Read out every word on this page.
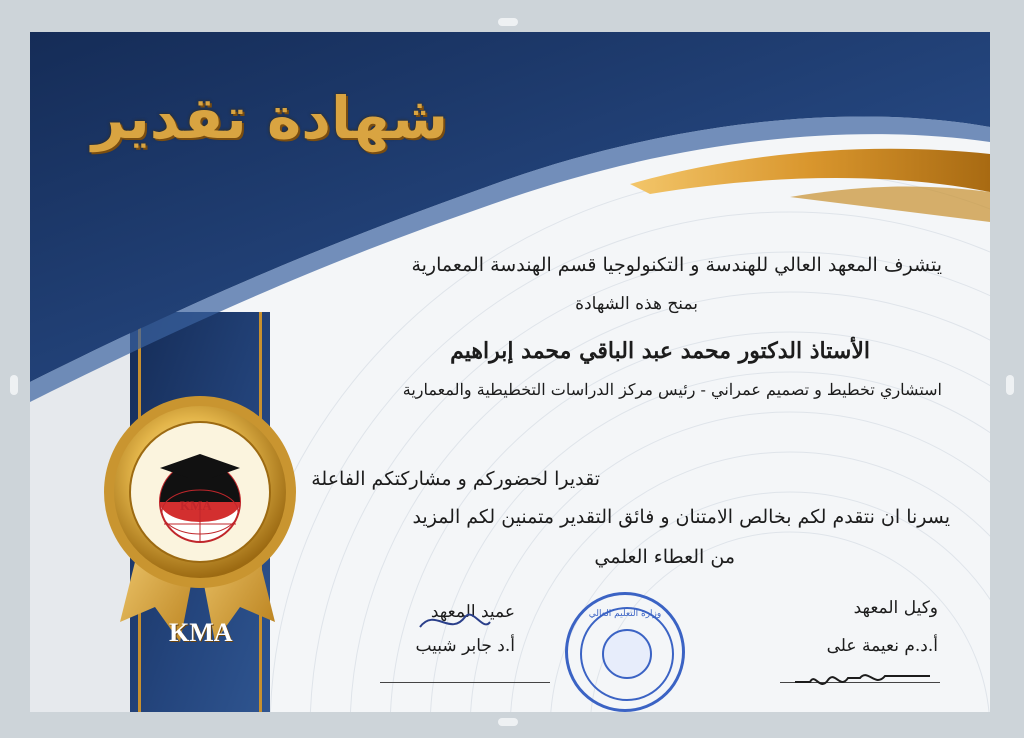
شهادة تقدير
KMA
KMA
يتشرف المعهد العالي للهندسة و التكنولوجيا قسم الهندسة المعمارية
بمنح هذه الشهادة
الأستاذ الدكتور محمد عبد الباقي محمد إبراهيم
استشاري تخطيط و تصميم عمراني - رئيس مركز الدراسات التخطيطية والمعمارية
تقديرا لحضوركم و مشاركتكم الفاعلة
يسرنا ان نتقدم لكم بخالص الامتنان و فائق التقدير متمنين لكم المزيد
من العطاء العلمي
وزارة التعليم العالي
عميد المعهد
أ.د جابر شبيب
وكيل المعهد
أ.د.م نعيمة على
